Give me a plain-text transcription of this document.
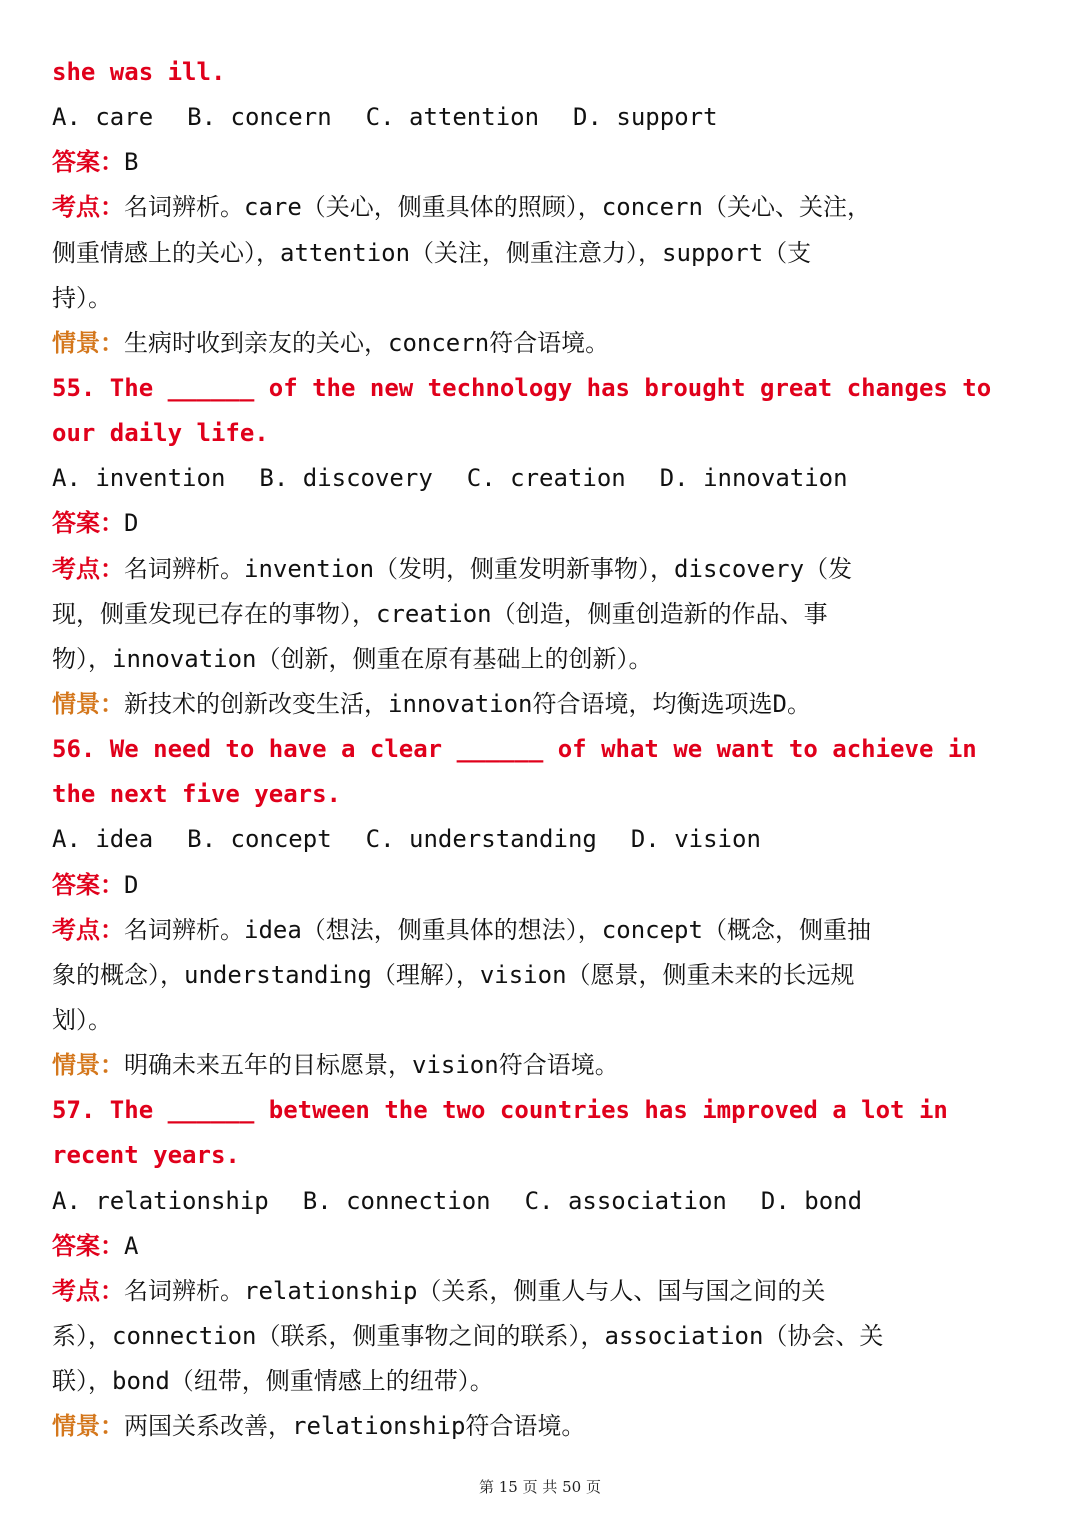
she was ill.
A. care B. concern C. attention D. support
答案：B
考点：名词辨析。care（关心，侧重具体的照顾），concern（关心、关注，
侧重情感上的关心），attention（关注，侧重注意力），support（支
持）。
情景：生病时收到亲友的关心，concern符合语境。
55. The ______ of the new technology has brought great changes to
our daily life.
A. invention B. discovery C. creation D. innovation
答案：D
考点：名词辨析。invention（发明，侧重发明新事物），discovery（发
现，侧重发现已存在的事物），creation（创造，侧重创造新的作品、事
物），innovation（创新，侧重在原有基础上的创新）。
情景：新技术的创新改变生活，innovation符合语境，均衡选项选D。
56. We need to have a clear ______ of what we want to achieve in
the next five years.
A. idea B. concept C. understanding D. vision
答案：D
考点：名词辨析。idea（想法，侧重具体的想法），concept（概念，侧重抽
象的概念），understanding（理解），vision（愿景，侧重未来的长远规
划）。
情景：明确未来五年的目标愿景，vision符合语境。
57. The ______ between the two countries has improved a lot in
recent years.
A. relationship B. connection C. association D. bond
答案：A
考点：名词辨析。relationship（关系，侧重人与人、国与国之间的关
系），connection（联系，侧重事物之间的联系），association（协会、关
联），bond（纽带，侧重情感上的纽带）。
情景：两国关系改善，relationship符合语境。
第 15 页 共 50 页
